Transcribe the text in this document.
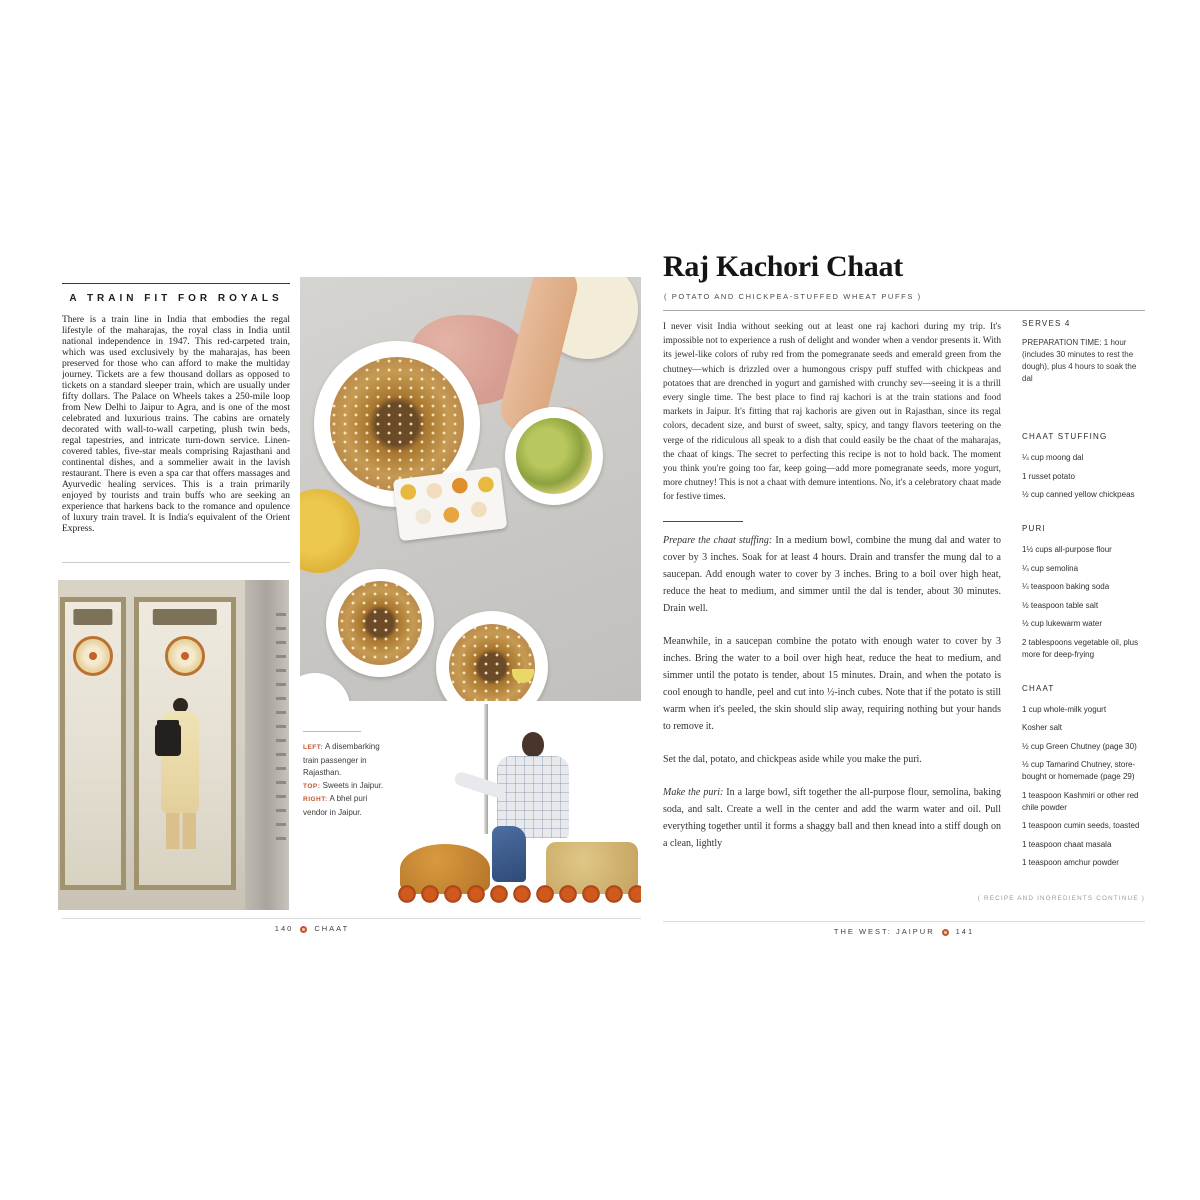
A TRAIN FIT FOR ROYALS
There is a train line in India that embodies the regal lifestyle of the maharajas, the royal class in India until national independence in 1947. This red-carpeted train, which was used exclusively by the maharajas, has been preserved for those who can afford to make the multiday journey. Tickets are a few thousand dollars as opposed to tickets on a standard sleeper train, which are usually under fifty dollars. The Palace on Wheels takes a 250-mile loop from New Delhi to Jaipur to Agra, and is one of the most celebrated and luxurious trains. The cabins are ornately decorated with wall-to-wall carpeting, plush twin beds, regal tapestries, and intricate turn-down service. Linen-covered tables, five-star meals comprising Rajasthani and continental dishes, and a sommelier await in the lavish restaurant. There is even a spa car that offers massages and Ayurvedic healing services. This is a train primarily enjoyed by tourists and train buffs who are seeking an experience that harkens back to the romance and opulence of luxury train travel. It is India's equivalent of the Orient Express.
LEFT: A disembarking train passenger in Rajasthan.
TOP: Sweets in Jaipur.
RIGHT: A bhel puri vendor in Jaipur.
140	CHAAT
Raj Kachori Chaat
( POTATO AND CHICKPEA-STUFFED WHEAT PUFFS )

I never visit India without seeking out at least one raj kachori during my trip. It's impossible not to experience a rush of delight and wonder when a vendor presents it. With its jewel-like colors of ruby red from the pomegranate seeds and emerald green from the chutney—which is drizzled over a humongous crispy puff stuffed with chickpeas and potatoes that are drenched in yogurt and garnished with crunchy sev—seeing it is a thrill every single time. The best place to find raj kachori is at the train stations and food markets in Jaipur. It's fitting that raj kachoris are given out in Rajasthan, since its regal colors, decadent size, and burst of sweet, salty, spicy, and tangy flavors teetering on the verge of the ridiculous all speak to a dish that could easily be the chaat of the maharajas, the chaat of kings. The secret to perfecting this recipe is not to hold back. The moment you think you're going too far, keep going—add more pomegranate seeds, more yogurt, more chutney! This is not a chaat with demure intentions. No, it's a celebratory chaat made for festive times.

Prepare the chaat stuffing: In a medium bowl, combine the mung dal and water to cover by 3 inches. Soak for at least 4 hours. Drain and transfer the mung dal to a saucepan. Add enough water to cover by 3 inches. Bring to a boil over high heat, reduce the heat to medium, and simmer until the dal is tender, about 30 minutes. Drain well.

Meanwhile, in a saucepan combine the potato with enough water to cover by 3 inches. Bring the water to a boil over high heat, reduce the heat to medium, and simmer until the potato is tender, about 15 minutes. Drain, and when the potato is cool enough to handle, peel and cut into ½-inch cubes. Note that if the potato is still warm when it's peeled, the skin should slip away, requiring nothing but your hands to remove it.

Set the dal, potato, and chickpeas aside while you make the puri.

Make the puri: In a large bowl, sift together the all-purpose flour, semolina, baking soda, and salt. Create a well in the center and add the warm water and oil. Pull everything together until it forms a shaggy ball and then knead into a stiff dough on a clean, lightly

SERVES 4
PREPARATION TIME: 1 hour (includes 30 minutes to rest the dough), plus 4 hours to soak the dal
CHAAT STUFFING
¼ cup moong dal
1 russet potato
½ cup canned yellow chickpeas
PURI
1½ cups all-purpose flour
¼ cup semolina
¼ teaspoon baking soda
½ teaspoon table salt
½ cup lukewarm water
2 tablespoons vegetable oil, plus more for deep-frying
CHAAT
1 cup whole-milk yogurt
Kosher salt
½ cup Green Chutney (page 30)
½ cup Tamarind Chutney, store-bought or homemade (page 29)
1 teaspoon Kashmiri or other red chile powder
1 teaspoon cumin seeds, toasted
1 teaspoon chaat masala
1 teaspoon amchur powder
( RECIPE AND INGREDIENTS CONTINUE )
THE WEST: JAIPUR	141
